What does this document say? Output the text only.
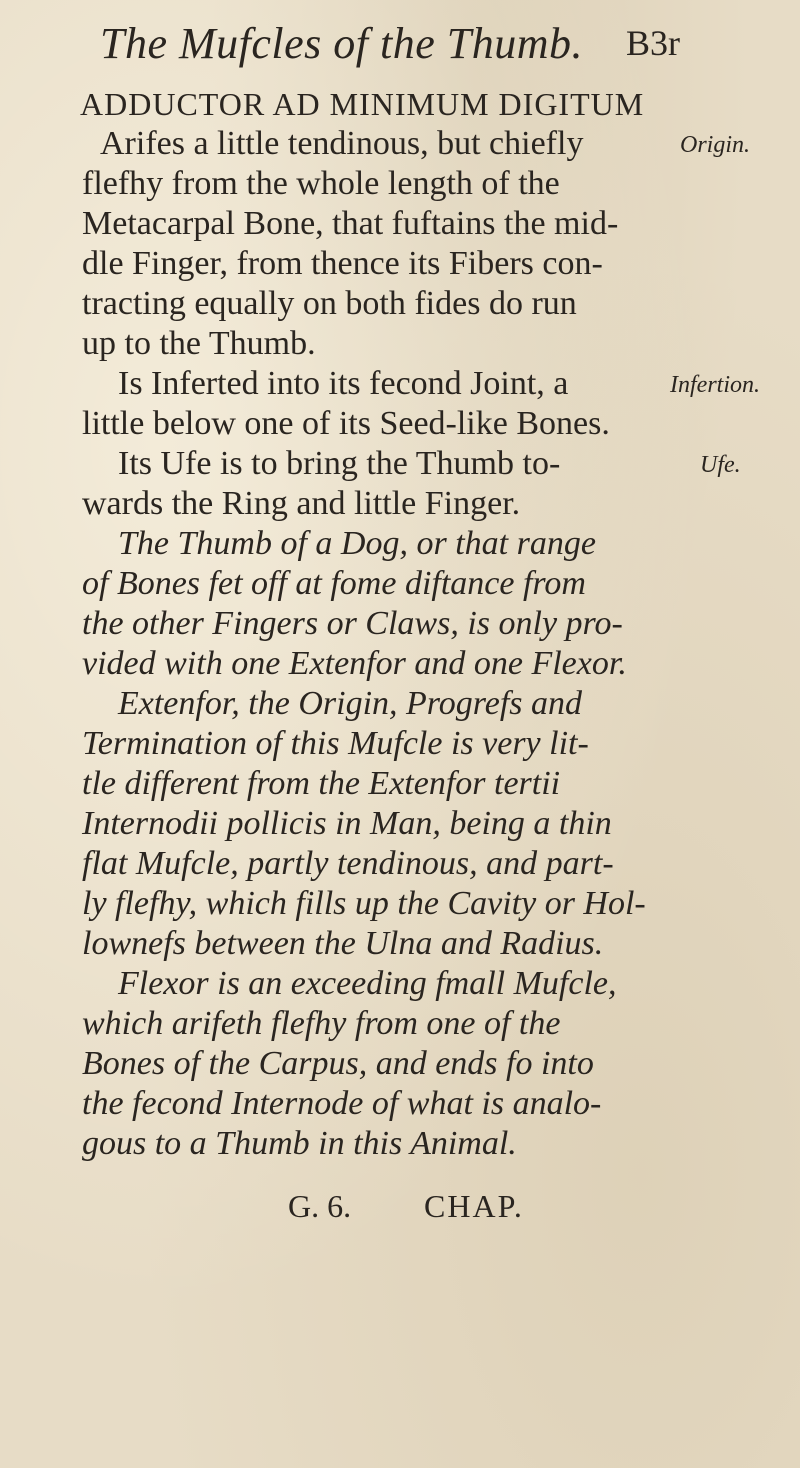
The Mufcles of the Thumb. B3r
ADDUCTOR AD MINIMUM DIGITUM
Arifes a little tendinous, but chiefly
flefhy from the whole length of the
Metacarpal Bone, that fuftains the mid-
dle Finger, from thence its Fibers con-
tracting equally on both fides do run
up to the Thumb.
Is Inferted into its fecond Joint, a
little below one of its Seed-like Bones.
Its Ufe is to bring the Thumb to-
wards the Ring and little Finger.
The Thumb of a Dog, or that range
of Bones fet off at fome diftance from
the other Fingers or Claws, is only pro-
vided with one Extenfor and one Flexor.
Extenfor, the Origin, Progrefs and
Termination of this Mufcle is very lit-
tle different from the Extenfor tertii
Internodii pollicis in Man, being a thin
flat Mufcle, partly tendinous, and part-
ly flefhy, which fills up the Cavity or Hol-
lownefs between the Ulna and Radius.
Flexor is an exceeding fmall Mufcle,
which arifeth flefhy from one of the
Bones of the Carpus, and ends fo into
the fecond Internode of what is analo-
gous to a Thumb in this Animal.
Origin.
Infertion.
Ufe.
G. 6. CHAP.
